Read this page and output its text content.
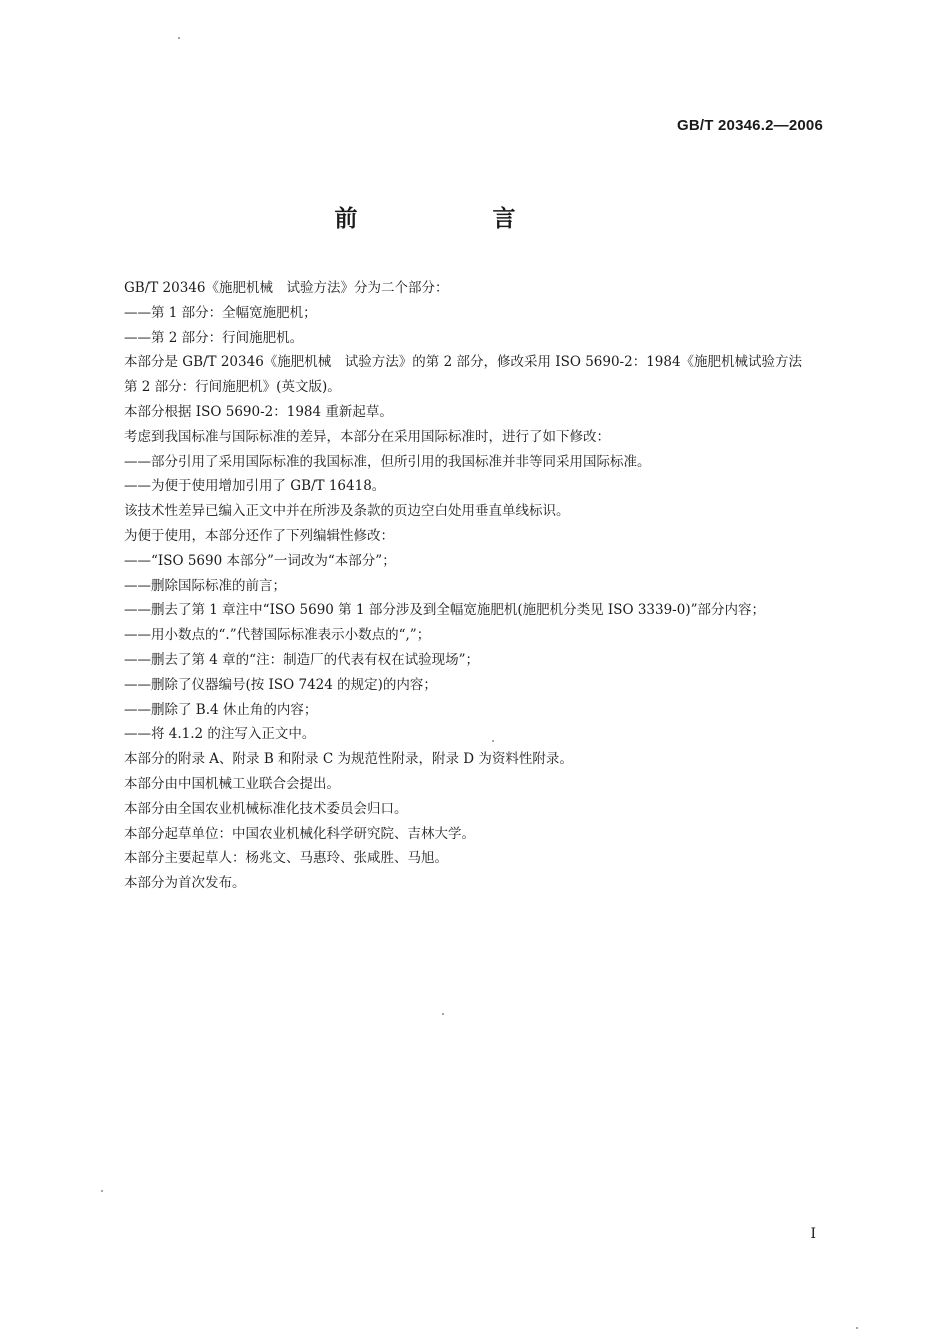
GB/T 20346.2—2006
前　言

GB/T 20346《施肥机械　试验方法》分为二个部分：

——第 1 部分：全幅宽施肥机；

——第 2 部分：行间施肥机。

本部分是 GB/T 20346《施肥机械　试验方法》的第 2 部分，修改采用 ISO 5690-2：1984《施肥机械试验方法　第 2 部分：行间施肥机》(英文版)。

本部分根据 ISO 5690-2：1984 重新起草。

考虑到我国标准与国际标准的差异，本部分在采用国际标准时，进行了如下修改：

——部分引用了采用国际标准的我国标准，但所引用的我国标准并非等同采用国际标准。

——为便于使用增加引用了 GB/T 16418。

该技术性差异已编入正文中并在所涉及条款的页边空白处用垂直单线标识。

为便于使用，本部分还作了下列编辑性修改：

——“ISO 5690 本部分”一词改为“本部分”；

——删除国际标准的前言；

——删去了第 1 章注中“ISO 5690 第 1 部分涉及到全幅宽施肥机(施肥机分类见 ISO 3339-0)”部分内容；

——用小数点的“.”代替国际标准表示小数点的“,”；

——删去了第 4 章的“注：制造厂的代表有权在试验现场”；

——删除了仪器编号(按 ISO 7424 的规定)的内容；

——删除了 B.4 休止角的内容；

——将 4.1.2 的注写入正文中。

本部分的附录 A、附录 B 和附录 C 为规范性附录，附录 D 为资料性附录。

本部分由中国机械工业联合会提出。

本部分由全国农业机械标准化技术委员会归口。

本部分起草单位：中国农业机械化科学研究院、吉林大学。

本部分主要起草人：杨兆文、马惠玲、张咸胜、马旭。

本部分为首次发布。

I
